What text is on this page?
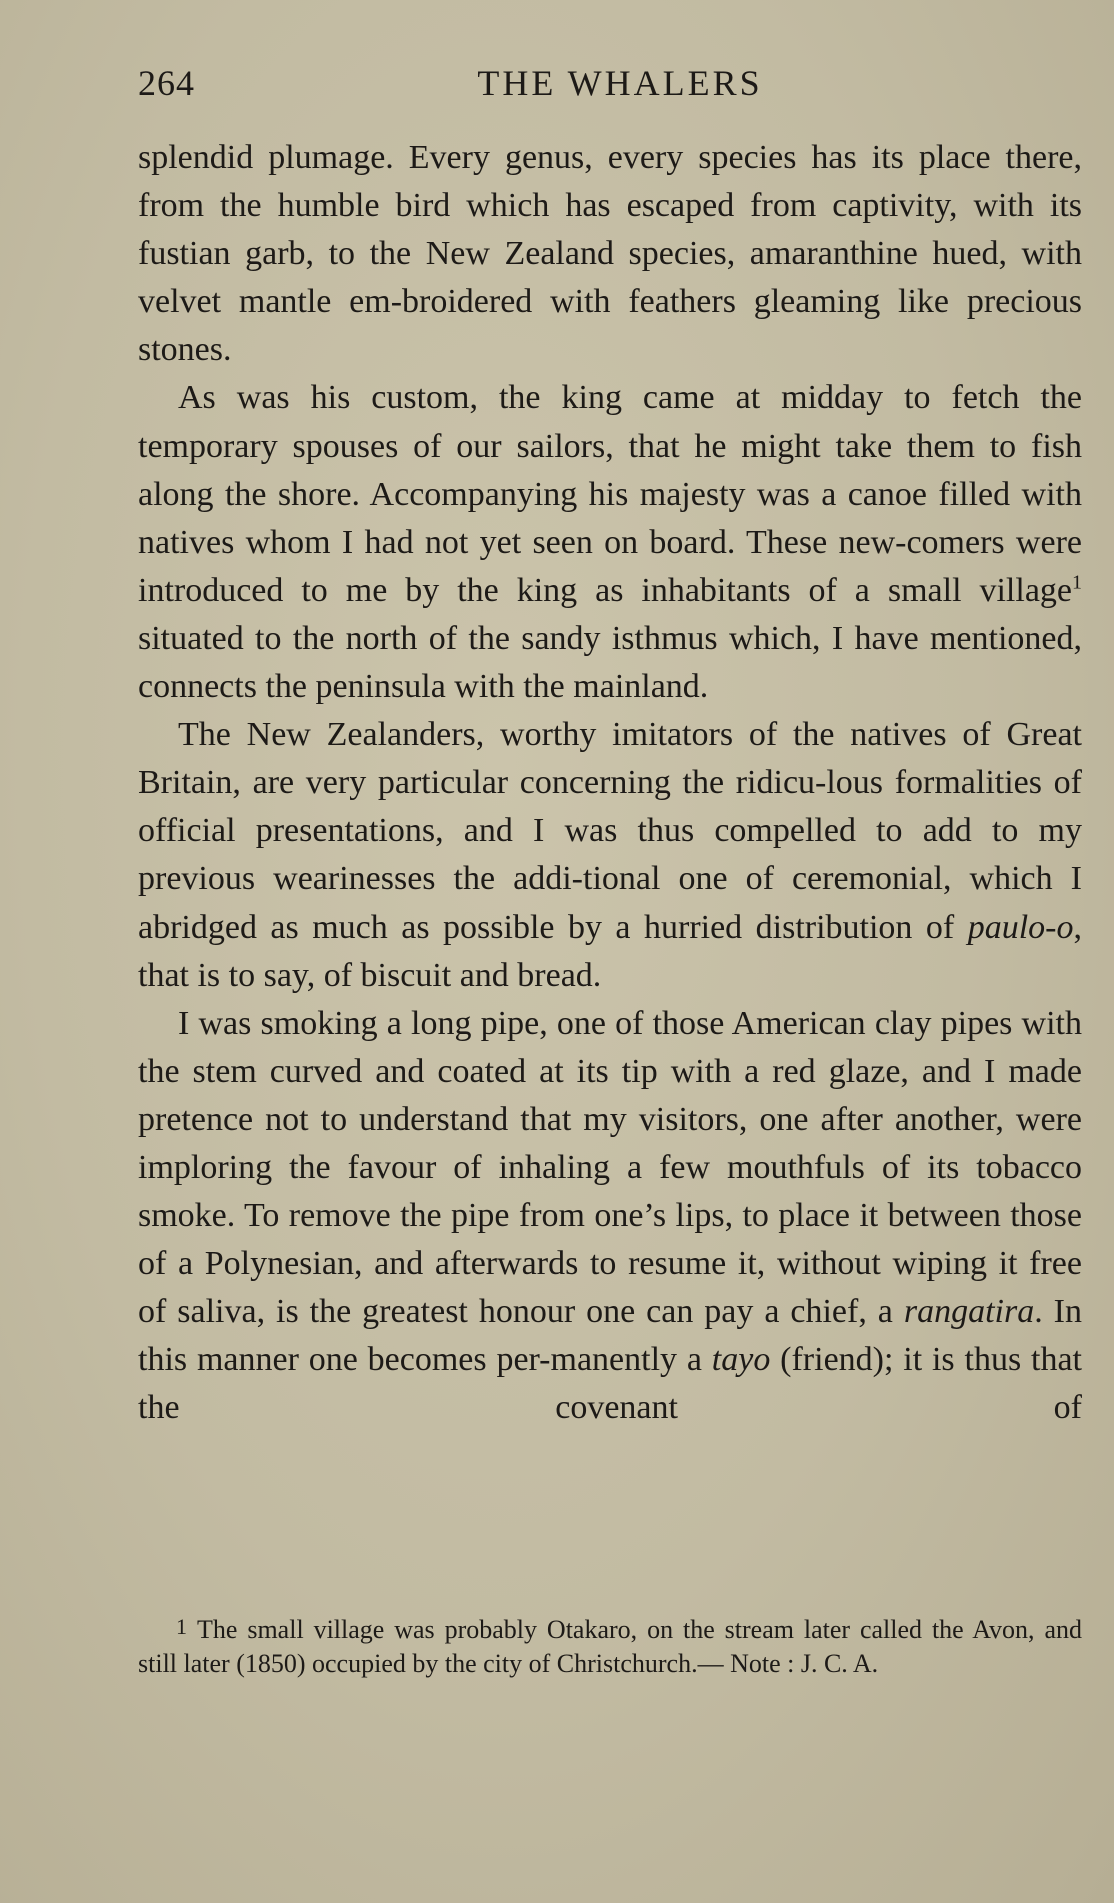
264	THE WHALERS

splendid plumage. Every genus, every species has its place there, from the humble bird which has escaped from captivity, with its fustian garb, to the New Zealand species, amaranthine hued, with velvet mantle em-broidered with feathers gleaming like precious stones.

As was his custom, the king came at midday to fetch the temporary spouses of our sailors, that he might take them to fish along the shore. Accompanying his majesty was a canoe filled with natives whom I had not yet seen on board. These new-comers were introduced to me by the king as inhabitants of a small village$^1$ situated to the north of the sandy isthmus which, I have mentioned, connects the peninsula with the mainland.

The New Zealanders, worthy imitators of the natives of Great Britain, are very particular concerning the ridicu-lous formalities of official presentations, and I was thus compelled to add to my previous wearinesses the addi-tional one of ceremonial, which I abridged as much as possible by a hurried distribution of paulo-o, that is to say, of biscuit and bread.

I was smoking a long pipe, one of those American clay pipes with the stem curved and coated at its tip with a red glaze, and I made pretence not to understand that my visitors, one after another, were imploring the favour of inhaling a few mouthfuls of its tobacco smoke. To remove the pipe from one’s lips, to place it between those of a Polynesian, and afterwards to resume it, without wiping it free of saliva, is the greatest honour one can pay a chief, a rangatira. In this manner one becomes per-manently a tayo (friend); it is thus that the covenant of

1 The small village was probably Otakaro, on the stream later called the Avon, and still later (1850) occupied by the city of Christchurch.— Note : J. C. A.
